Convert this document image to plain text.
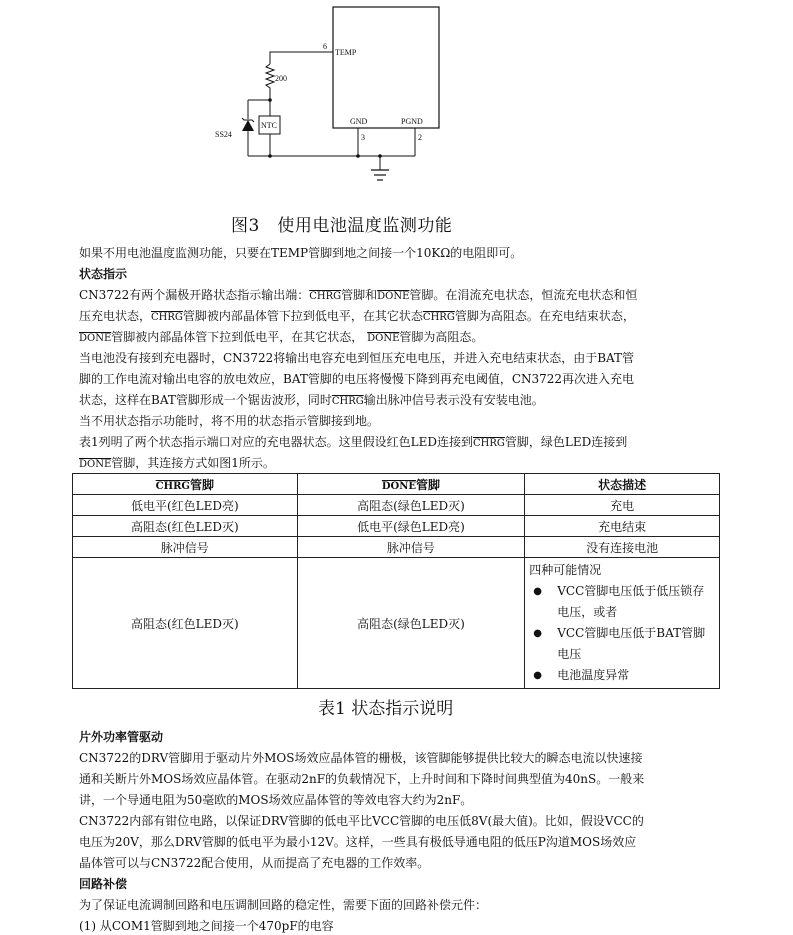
6
TEMP
200
NTC
SS24
GND
3
PGND
2
图3　使用电池温度监测功能
如果不用电池温度监测功能，只要在TEMP管脚到地之间接一个10KΩ的电阻即可。
状态指示
CN3722有两个漏极开路状态指示输出端：CHRG管脚和DONE管脚。在涓流充电状态，恒流充电状态和恒
压充电状态，CHRG管脚被内部晶体管下拉到低电平，在其它状态CHRG管脚为高阻态。在充电结束状态，
DONE管脚被内部晶体管下拉到低电平，在其它状态， DONE管脚为高阻态。
当电池没有接到充电器时，CN3722将输出电容充电到恒压充电电压，并进入充电结束状态，由于BAT管
脚的工作电流对输出电容的放电效应，BAT管脚的电压将慢慢下降到再充电阈值，CN3722再次进入充电
状态，这样在BAT管脚形成一个锯齿波形，同时CHRG输出脉冲信号表示没有安装电池。
当不用状态指示功能时，将不用的状态指示管脚接到地。
表1列明了两个状态指示端口对应的充电器状态。这里假设红色LED连接到CHRG管脚，绿色LED连接到
DONE管脚，其连接方式如图1所示。
CHRG管脚	DONE管脚	状态描述
低电平(红色LED亮)	高阻态(绿色LED灭)	充电
高阻态(红色LED灭)	低电平(绿色LED亮)	充电结束
脉冲信号	脉冲信号	没有连接电池
高阻态(红色LED灭)	高阻态(绿色LED灭)	四种可能情况
● VCC管脚电压低于低压锁存电压，或者
● VCC管脚电压低于BAT管脚电压
● 电池温度异常
表1 状态指示说明
片外功率管驱动
CN3722的DRV管脚用于驱动片外MOS场效应晶体管的栅极，该管脚能够提供比较大的瞬态电流以快速接
通和关断片外MOS场效应晶体管。在驱动2nF的负载情况下，上升时间和下降时间典型值为40nS。一般来
讲，一个导通电阻为50毫欧的MOS场效应晶体管的等效电容大约为2nF。
CN3722内部有钳位电路，以保证DRV管脚的低电平比VCC管脚的电压低8V(最大值)。比如，假设VCC的
电压为20V，那么DRV管脚的低电平为最小12V。这样，一些具有极低导通电阻的低压P沟道MOS场效应
晶体管可以与CN3722配合使用，从而提高了充电器的工作效率。
回路补偿
为了保证电流调制回路和电压调制回路的稳定性，需要下面的回路补偿元件：
(1) 从COM1管脚到地之间接一个470pF的电容
